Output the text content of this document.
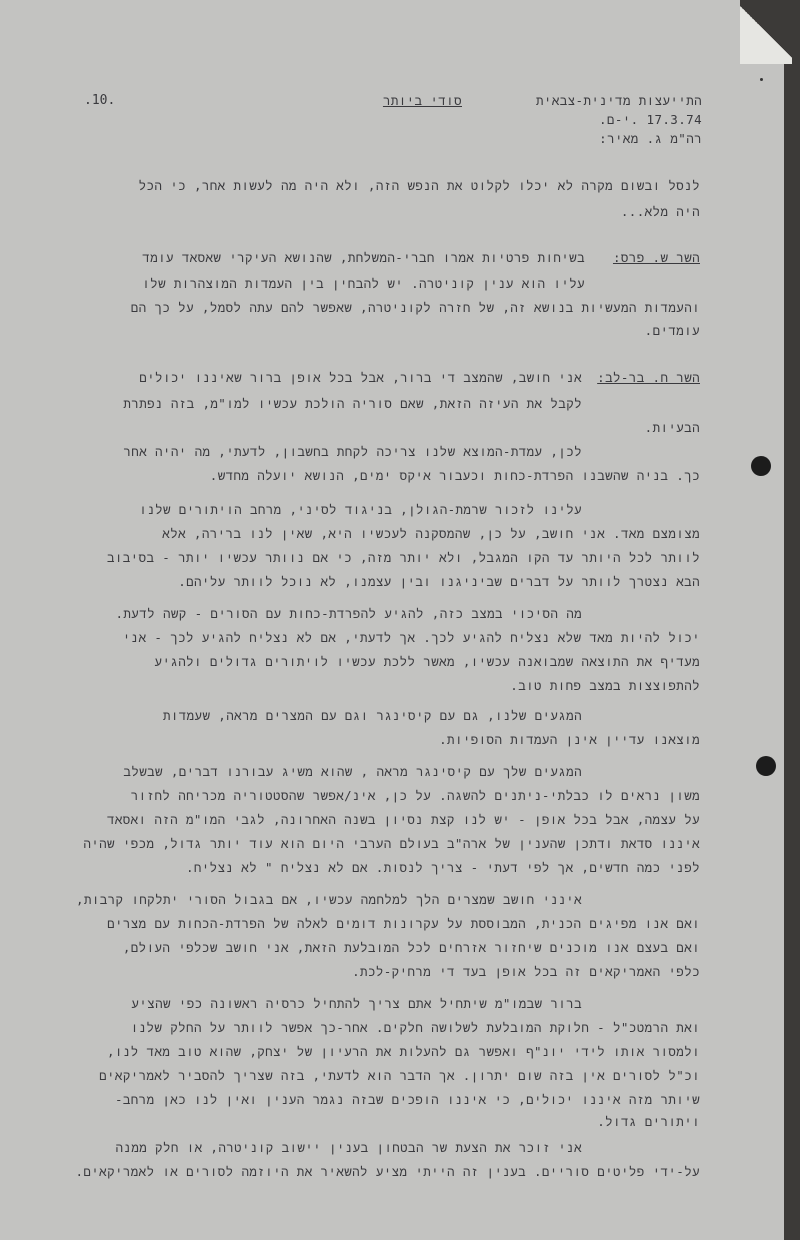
.10.	סודי ביותר	התייעצות מדינית-צבאית
17.3.74 .י-ם.
רה"מ ג. מאיר:
לנסל ובשום מקרה לא יכלו לקלוט את הנפש הזה, ולא היה מה לעשות אחר, כי הכל
היה מלא...
השר ש. פרס:
בשיחות פרטיות אמרו חברי-המשלחת, שהנושא העיקרי שאסאד עומד
עליו הוא ענין קוניטרה. יש להבחין בין העמדות המוצהרות שלו
והעמדות המעשיות בנושא זה, של חזרה לקוניטרה, שאפשר להם עתה לסמל, על כך הם
עומדים.
השר ח. בר-לב:
אני חושב, שהמצב די ברור, אבל בכל אופן ברור שאיננו יכולים
לקבל את העיזה הזאת, שאם סוריה הולכת עכשיו למו"מ, בזה נפתרת
הבעיות.
לכן, עמדת-המוצא שלנו צריכה לקחת בחשבון, לדעתי, מה יהיה אחר
כך. בניה שהשבנו הפרדת-כחות וכעבור איקס ימים, הנושא יועלה מחדש.
עלינו לזכור שרמת-הגולן, בניגוד לסיני, מרחב הויתורים שלנו
מצומצם מאד. אני חושב, על כן, שהמסקנה לעכשיו היא, שאין לנו ברירה, אלא
לוותר לכל היותר עד הקו המגבל, ולא יותר מזה, כי אם נוותר עכשיו יותר - בסיבוב
הבא נצטרך לוותר על דברים שביניגנו ובין עצמנו, לא נוכל לוותר עליהם.
מה הסיכוי במצב כזה, להגיע להפרדת-כחות עם הסורים - קשה לדעת.
יכול להיות מאד שלא נצליח להגיע לכך. אך לדעתי, אם לא נצליח להגיע לכך - אני
מעדיף את התוצאה שמבואנה עכשיו, מאשר ללכת עכשיו לויתורים גדולים ולהגיע
להתפוצצות במצב פחות טוב.
המגעים שלנו, גם עם קיסינגר וגם עם המצרים מראה, שעמדות
מוצאנו עדיין אינן העמדות הסופיות.
המגעים שלך עם קיסינגר מראה , שהוא משיג עבורנו דברים, שבשלב
משון נראים לו כבלתי-ניתנים להשגה. על כן, אינ/אפשר שהסטטוריה מכריחה לחזור
על עצמה, אבל בכל אופן - יש לנו קצת נסיון בשנה האחרונה, לגבי המו"מ הזה ואסאד
איננו סדאת ודתכן שהענין של ארה"ב בעולם הערבי היום הוא עוד יותר גדול, מכפי שהיה
לפני כמה חדשים, אך לפי דעתי - צריך לנסות. אם לא נצליח " לא נצליח.
אינני חושב שמצרים הלך למלחמה עכשיו, אם בגבול הסורי יתלקחו קרבות,
ואם אנו מפיגים הכנית, המבוססת על עקרונות דומים לאלה של הפרדת-הכחות עם מצרים
ואם בעצם אנו מוכנים שיחזור אזרחים לכל המובלעת הזאת, אני חושב שכלפי העולם,
כלפי האמריקאים זה בכל אופן בעד די מרחיק-לכת.
ברור שבמו"מ שיתחיל אתם צריך להתחיל כרסיה ראשונה כפי שהציע
ואת הרמטכ"ל - חלוקת המובלעת לשלושה חלקים. אחר-כך אפשר לוותר על החלק שלנו
ולמסור אותו לידי יונ"ף ואפשר גם להעלות את הרעיון של יצחק, שהוא טוב מאד לנו,
וכ"ל לסורים אין בזה שום יתרון. אך הדבר הוא לדעתי, בזה שצריך להסביר לאמריקאים
שיותר מזה איננו יכולים, כי איננו הופכים שבזה נגמר הענין ואין לנו כאן מרחב-
ויתורים גדול.
אני זוכר את הצעת שר הבטחון בענין יישוב קוניטרה, או חלק ממנה
על-ידי פליטים סוריים. בענין זה הייתי מציע להשאיר את היוזמה לסורים או לאמריקאים.
